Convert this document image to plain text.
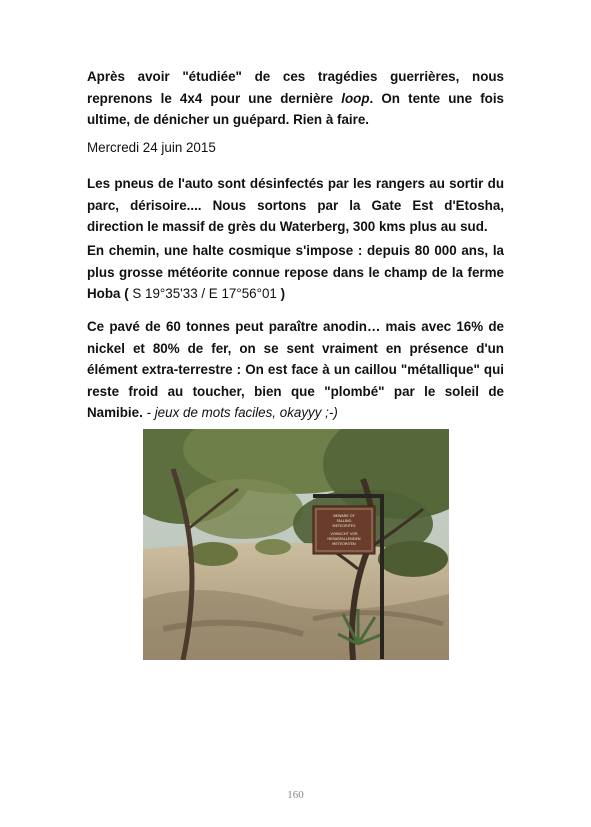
Après avoir "étudiée" de ces tragédies guerrières, nous reprenons le 4x4 pour une dernière loop. On tente une fois ultime, de dénicher un guépard. Rien à faire.

Mercredi 24 juin 2015

Les pneus de l'auto sont désinfectés par les rangers au sortir du parc, dérisoire.... Nous sortons par la Gate Est d'Etosha, direction le massif de grès du Waterberg, 300 kms plus au sud.

En chemin, une halte cosmique s'impose : depuis 80 000 ans, la plus grosse météorite connue repose dans le champ de la ferme Hoba ( S 19°35'33 / E 17°56°01 )

Ce pavé de 60 tonnes peut paraître anodin… mais avec 16% de nickel et 80% de fer, on se sent vraiment en présence d'un élément extra-terrestre : On est face à un caillou "métallique" qui reste froid au toucher, bien que "plombé" par le soleil de Namibie. - jeux de mots faciles, okayyy ;-)

BEWARE OF
FALLING
METEORITES
VORSICHT VOR
HERABFALLENDEN
METEORITEN
160
